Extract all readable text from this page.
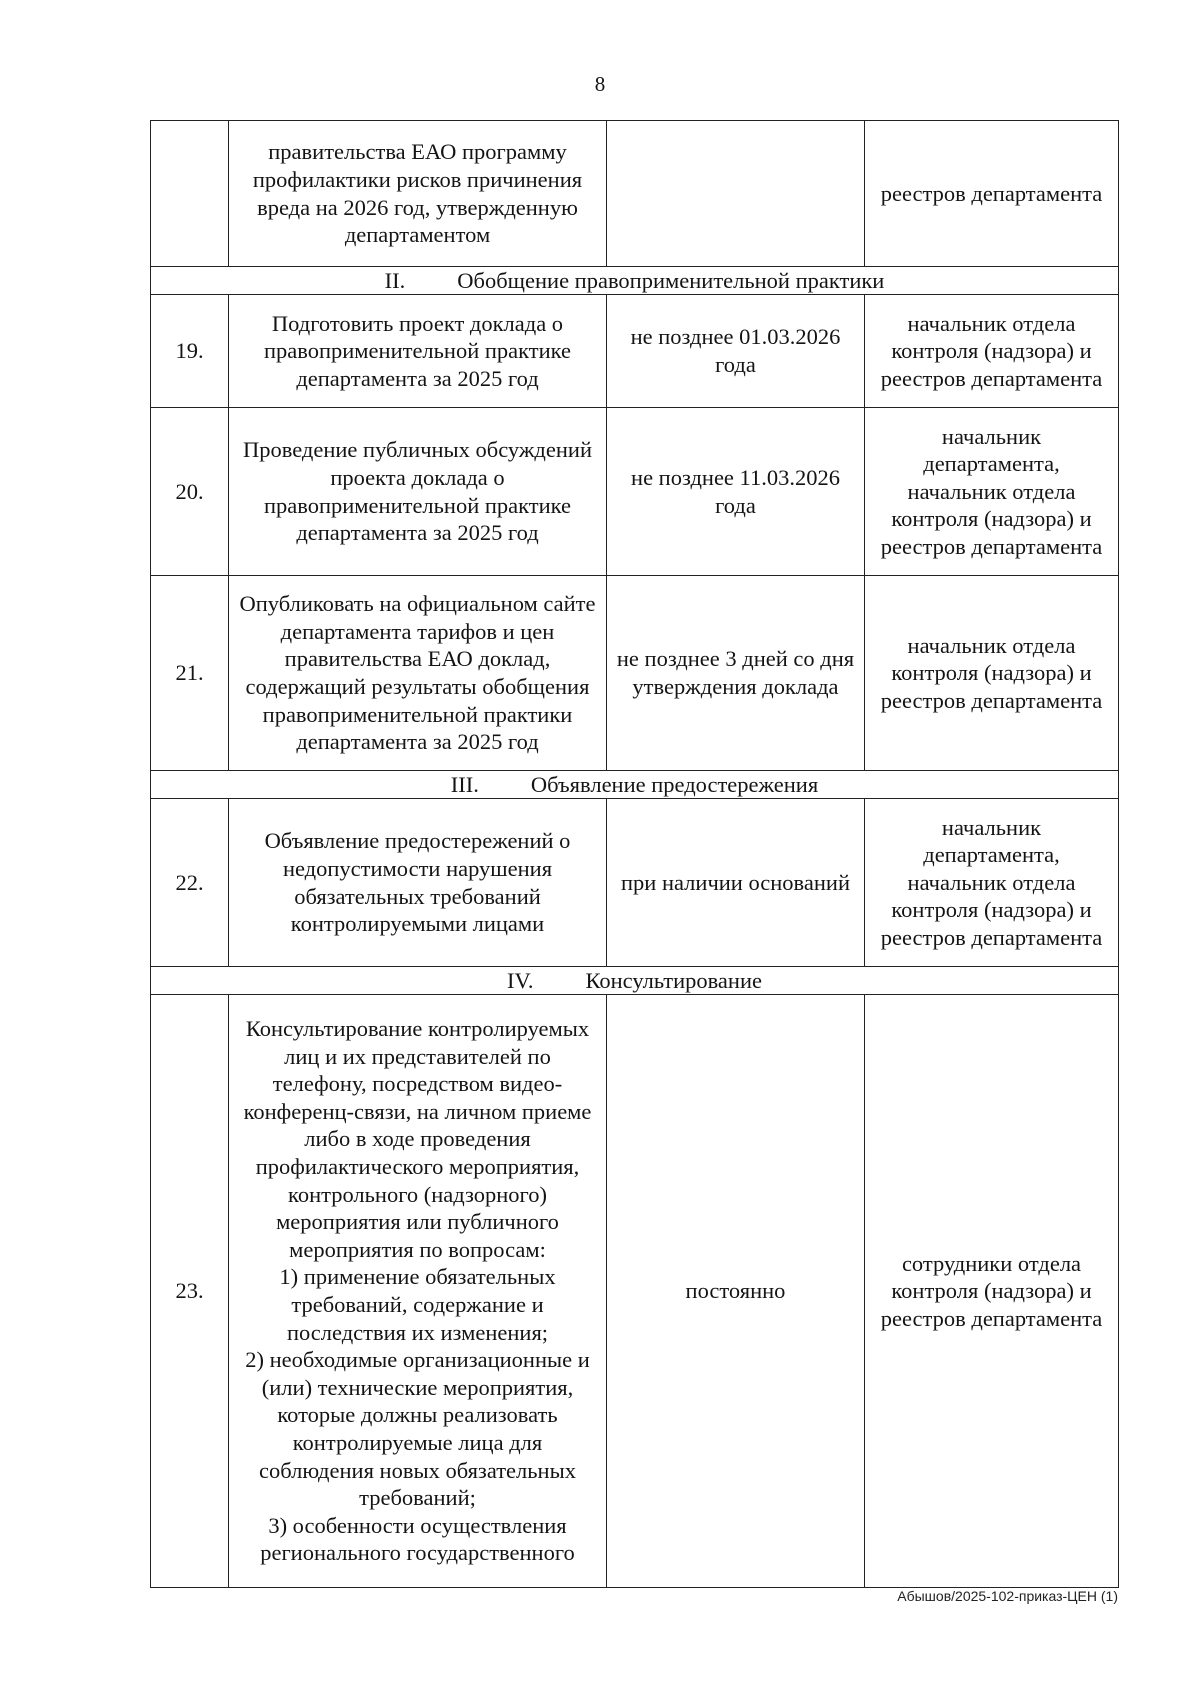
8
	правительства ЕАО программу профилактики рисков причинения вреда на 2026 год, утвержденную департаментом		реестров департамента
II. Обобщение правоприменительной практики			
19.	Подготовить проект доклада о правоприменительной практике департамента за 2025 год	не позднее 01.03.2026 года	начальник отдела контроля (надзора) и реестров департамента
20.	Проведение публичных обсуждений проекта доклада о правоприменительной практике департамента за 2025 год	не позднее 11.03.2026 года	начальник департамента, начальник отдела контроля (надзора) и реестров департамента
21.	Опубликовать на официальном сайте департамента тарифов и цен правительства ЕАО доклад, содержащий результаты обобщения правоприменительной практики департамента за 2025 год	не позднее 3 дней со дня утверждения доклада	начальник отдела контроля (надзора) и реестров департамента
III. Объявление предостережения			
22.	Объявление предостережений о недопустимости нарушения обязательных требований контролируемыми лицами	при наличии оснований	начальник департамента, начальник отдела контроля (надзора) и реестров департамента
IV. Консультирование			
23.	Консультирование контролируемых лиц и их представителей по телефону, посредством видео-конференц-связи, на личном приеме либо в ходе проведения профилактического мероприятия, контрольного (надзорного) мероприятия или публичного мероприятия по вопросам:
1) применение обязательных требований, содержание и последствия их изменения;
2) необходимые организационные и (или) технические мероприятия, которые должны реализовать контролируемые лица для соблюдения новых обязательных требований;
3) особенности осуществления регионального государственного	постоянно	сотрудники отдела контроля (надзора) и реестров департамента
Абышов/2025-102-приказ-ЦЕН (1)
